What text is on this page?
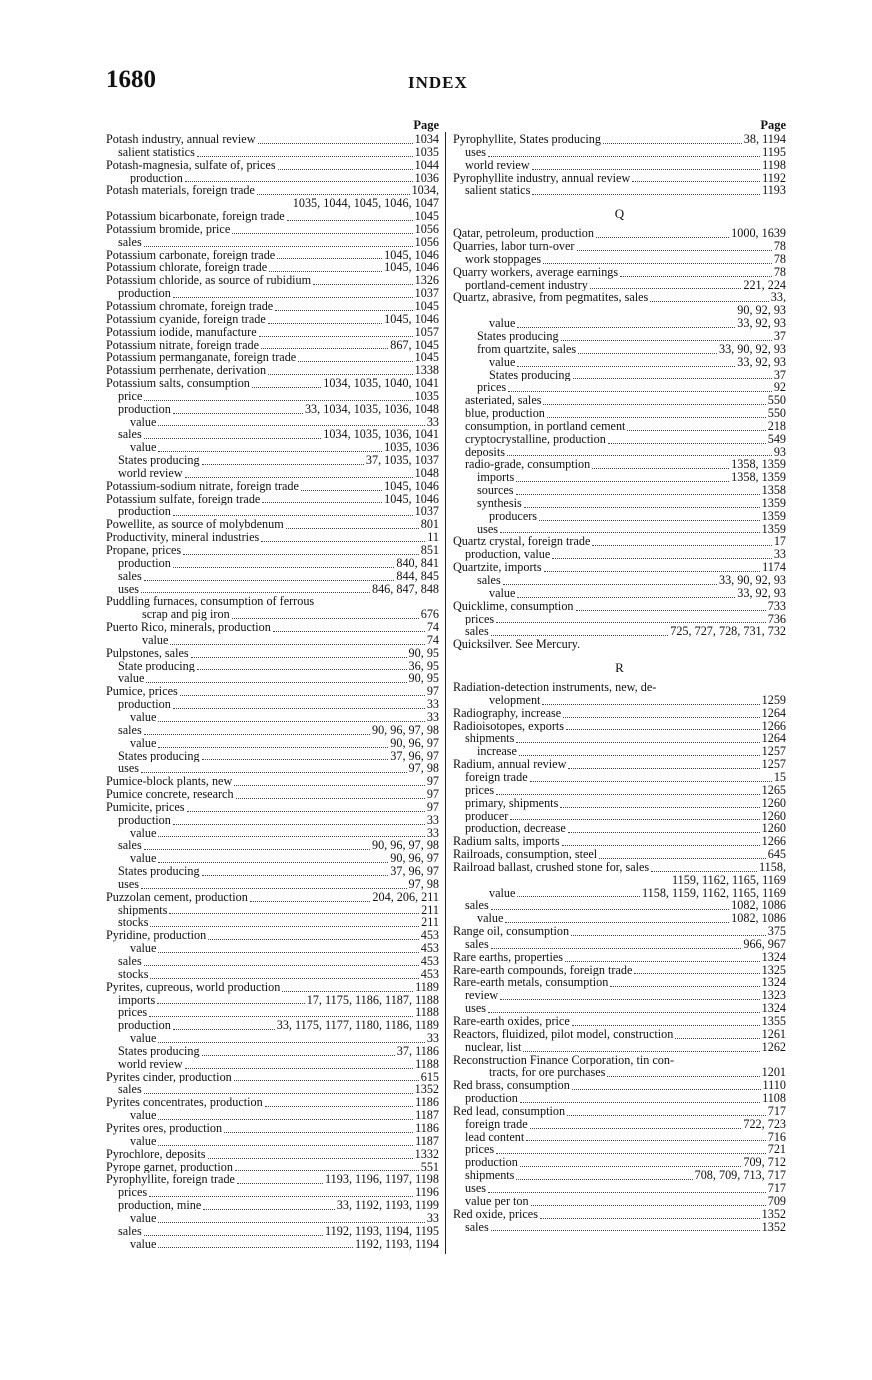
1680	INDEX
Page
Potash industry, annual review	1034
salient statistics	1035
Potash-magnesia, sulfate of, prices	1044
production	1036
Potash materials, foreign trade	1034,
1035, 1044, 1045, 1046, 1047
Potassium bicarbonate, foreign trade	1045
Potassium bromide, price	1056
sales	1056
Potassium carbonate, foreign trade	1045, 1046
Potassium chlorate, foreign trade	1045, 1046
Potassium chloride, as source of rubidium	1326
production	1037
Potassium chromate, foreign trade	1045
Potassium cyanide, foreign trade	1045, 1046
Potassium iodide, manufacture	1057
Potassium nitrate, foreign trade	867, 1045
Potassium permanganate, foreign trade	1045
Potassium perrhenate, derivation	1338
Potassium salts, consumption	1034, 1035, 1040, 1041
price	1035
production	33, 1034, 1035, 1036, 1048
value	33
sales	1034, 1035, 1036, 1041
value	1035, 1036
States producing	37, 1035, 1037
world review	1048
Potassium-sodium nitrate, foreign trade	1045, 1046
Potassium sulfate, foreign trade	1045, 1046
production	1037
Powellite, as source of molybdenum	801
Productivity, mineral industries	11
Propane, prices	851
production	840, 841
sales	844, 845
uses	846, 847, 848
Puddling furnaces, consumption of ferrous
scrap and pig iron	676
Puerto Rico, minerals, production	74
value	74
Pulpstones, sales	90, 95
State producing	36, 95
value	90, 95
Pumice, prices	97
production	33
value	33
sales	90, 96, 97, 98
value	90, 96, 97
States producing	37, 96, 97
uses	97, 98
Pumice-block plants, new	97
Pumice concrete, research	97
Pumicite, prices	97
production	33
value	33
sales	90, 96, 97, 98
value	90, 96, 97
States producing	37, 96, 97
uses	97, 98
Puzzolan cement, production	204, 206, 211
shipments	211
stocks	211
Pyridine, production	453
value	453
sales	453
stocks	453
Pyrites, cupreous, world production	1189
imports	17, 1175, 1186, 1187, 1188
prices	1188
production	33, 1175, 1177, 1180, 1186, 1189
value	33
States producing	37, 1186
world review	1188
Pyrites cinder, production	615
sales	1352
Pyrites concentrates, production	1186
value	1187
Pyrites ores, production	1186
value	1187
Pyrochlore, deposits	1332
Pyrope garnet, production	551
Pyrophyllite, foreign trade	1193, 1196, 1197, 1198
prices	1196
production, mine	33, 1192, 1193, 1199
value	33
sales	1192, 1193, 1194, 1195
value	1192, 1193, 1194
Page
Pyrophyllite, States producing	38, 1194
uses	1195
world review	1198
Pyrophyllite industry, annual review	1192
salient statics	1193
Q
Qatar, petroleum, production	1000, 1639
Quarries, labor turn-over	78
work stoppages	78
Quarry workers, average earnings	78
portland-cement industry	221, 224
Quartz, abrasive, from pegmatites, sales	33,
90, 92, 93
value	33, 92, 93
States producing	37
from quartzite, sales	33, 90, 92, 93
value	33, 92, 93
States producing	37
prices	92
asteriated, sales	550
blue, production	550
consumption, in portland cement	218
cryptocrystalline, production	549
deposits	93
radio-grade, consumption	1358, 1359
imports	1358, 1359
sources	1358
synthesis	1359
producers	1359
uses	1359
Quartz crystal, foreign trade	17
production, value	33
Quartzite, imports	1174
sales	33, 90, 92, 93
value	33, 92, 93
Quicklime, consumption	733
prices	736
sales	725, 727, 728, 731, 732
Quicksilver. See Mercury.
R
Radiation-detection instruments, new, de-
velopment	1259
Radiography, increase	1264
Radioisotopes, exports	1266
shipments	1264
increase	1257
Radium, annual review	1257
foreign trade	15
prices	1265
primary, shipments	1260
producer	1260
production, decrease	1260
Radium salts, imports	1266
Railroads, consumption, steel	645
Railroad ballast, crushed stone for, sales	1158,
1159, 1162, 1165, 1169
value	1158, 1159, 1162, 1165, 1169
sales	1082, 1086
value	1082, 1086
Range oil, consumption	375
sales	966, 967
Rare earths, properties	1324
Rare-earth compounds, foreign trade	1325
Rare-earth metals, consumption	1324
review	1323
uses	1324
Rare-earth oxides, price	1355
Reactors, fluidized, pilot model, construction	1261
nuclear, list	1262
Reconstruction Finance Corporation, tin con-
tracts, for ore purchases	1201
Red brass, consumption	1110
production	1108
Red lead, consumption	717
foreign trade	722, 723
lead content	716
prices	721
production	709, 712
shipments	708, 709, 713, 717
uses	717
value per ton	709
Red oxide, prices	1352
sales	1352
